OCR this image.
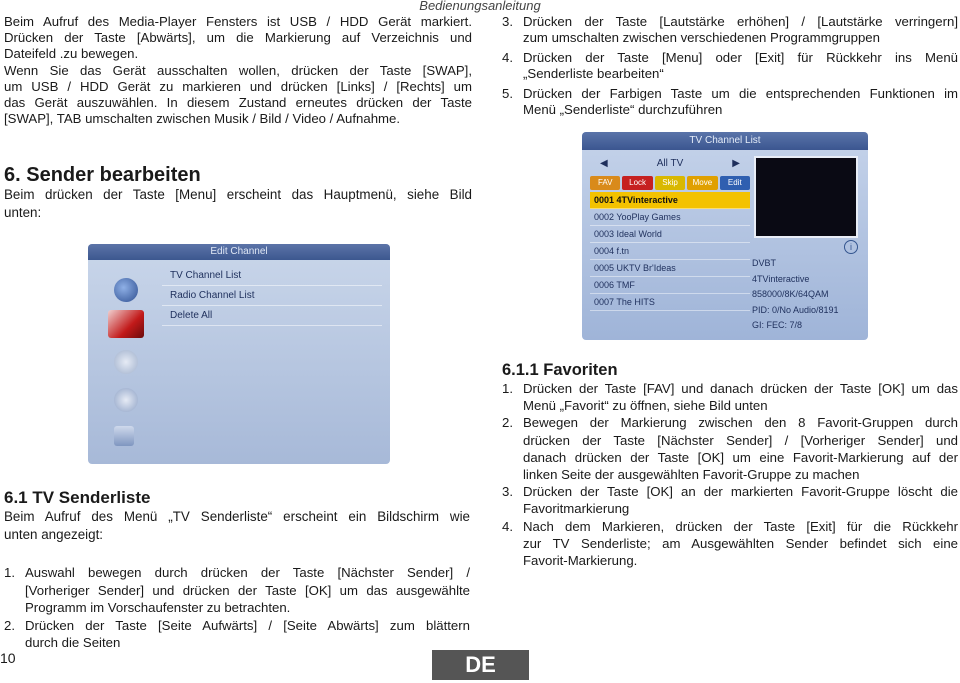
Bedienungsanleitung

Beim Aufruf des Media-Player Fensters ist USB / HDD Gerät markiert.

Drücken der Taste [Abwärts], um die Markierung auf Verzeichnis und

Dateifeld .zu bewegen.

Wenn Sie das Gerät ausschalten wollen, drücken der Taste [SWAP],

um USB / HDD Gerät zu markieren und drücken [Links] / [Rechts] um

das Gerät auszuwählen. In diesem Zustand erneutes drücken der Taste

[SWAP], TAB umschalten zwischen Musik / Bild / Video / Aufnahme.

6. Sender bearbeiten

Beim drücken der Taste [Menu] erscheint das Hauptmenü, siehe Bild

unten:

Edit Channel
TV Channel List
Radio Channel List
Delete All
6.1 TV Senderliste

Beim Aufruf des Menü „TV Senderliste“ erscheint ein Bildschirm wie

unten angezeigt:

1. Auswahl bewegen durch drücken der Taste [Nächster Sender] /
[Vorheriger Sender] und drücken der Taste [OK] um das ausgewählte
Programm im Vorschaufenster zu betrachten.
2. Drücken der Taste [Seite Aufwärts] / [Seite Abwärts] zum blättern
durch die Seiten
3. Drücken der Taste [Lautstärke erhöhen] / [Lautstärke verringern]
zum umschalten zwischen verschiedenen Programmgruppen
4. Drücken der Taste [Menu] oder [Exit] für Rückkehr ins Menü
„Senderliste bearbeiten“
5. Drücken der Farbigen Taste um die entsprechenden Funktionen im
Menü „Senderliste“ durchzuführen
TV Channel List
◀	All TV	▶
FAV	Lock	Skip	Move	Edit
0001 4TVinteractive
0002 YooPlay Games
0003 Ideal World
0004 f.tn
0005 UKTV Br'Ideas
0006 TMF
0007 The HITS
i
DVBT
4TVinteractive
858000/8K/64QAM
PID: 0/No Audio/8191
GI: FEC: 7/8
6.1.1 Favoriten
1. Drücken der Taste [FAV] und danach drücken der Taste [OK] um das
Menü „Favorit“ zu öffnen, siehe Bild unten
2. Bewegen der Markierung zwischen den 8 Favorit-Gruppen durch
drücken der Taste [Nächster Sender] / [Vorheriger Sender] und
danach drücken der Taste [OK] um eine Favorit-Markierung auf der
linken Seite der ausgewählten Favorit-Gruppe zu machen
3. Drücken der Taste [OK] an der markierten Favorit-Gruppe löscht die
Favoritmarkierung
4. Nach dem Markieren, drücken der Taste [Exit] für die Rückkehr
zur TV Senderliste; am Ausgewählten Sender befindet sich eine
Favorit-Markierung.
10	DE
